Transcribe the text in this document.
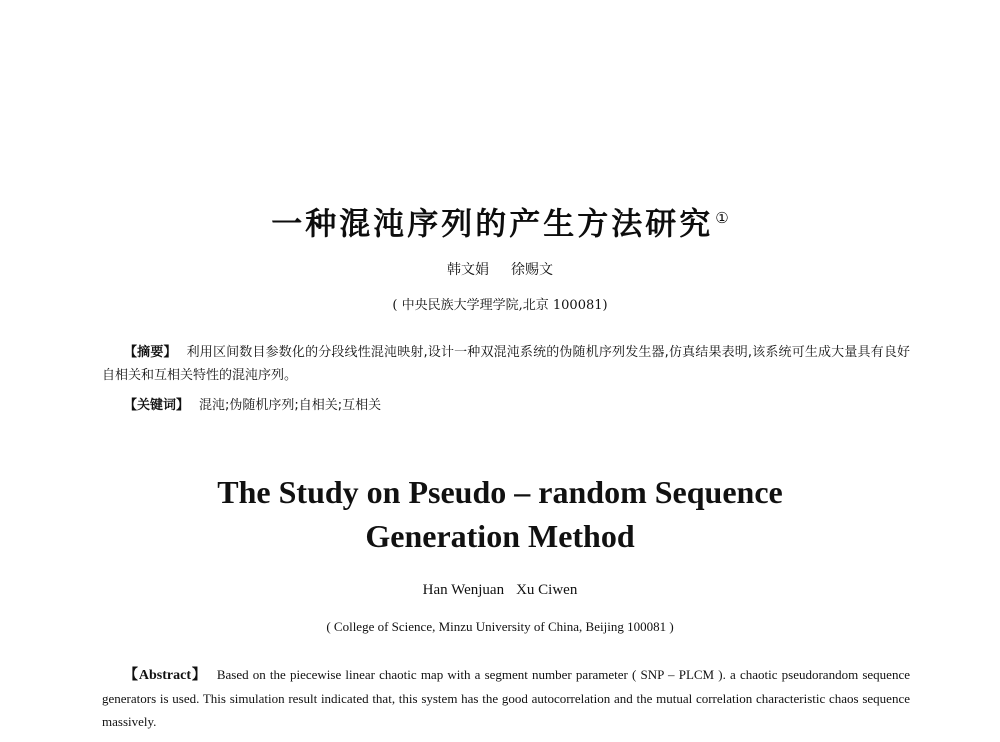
一种混沌序列的产生方法研究 ①
韩文娟 徐赐文
( 中央民族大学理学院,北京 100081)
【摘要】 利用区间数目参数化的分段线性混沌映射,设计一种双混沌系统的伪随机序列发生器,仿真结果表明,该系统可生成大量具有良好自相关和互相关特性的混沌序列。
【关键词】 混沌;伪随机序列;自相关;互相关
The Study on Pseudo – random Sequence
Generation Method
Han Wenjuan Xu Ciwen
( College of Science, Minzu University of China, Beijing 100081 )
【Abstract】 Based on the piecewise linear chaotic map with a segment number parameter ( SNP – PLCM ). a chaotic pseudorandom sequence generators is used. This simulation result indicated that, this system has the good autocorrelation and the mutual correlation characteristic chaos sequence massively.
